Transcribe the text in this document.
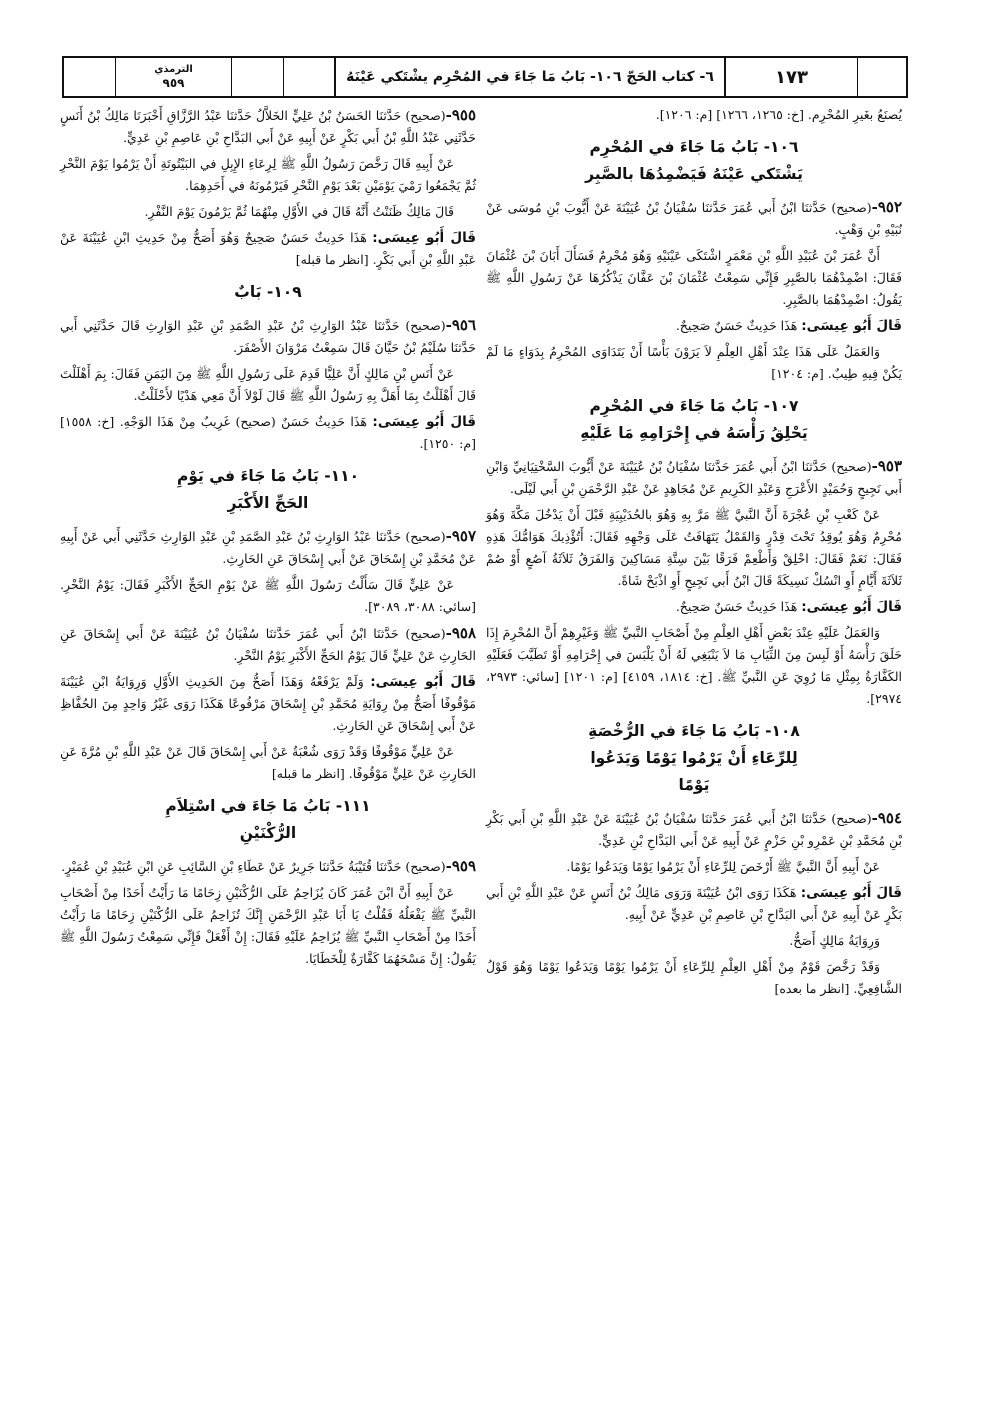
الترمذي
٩٥٩	٦- كتاب الحَجّ ١٠٦- بَابُ مَا جَاءَ في المُحْرِم يشْتَكي عَيْنَهُ	١٧٣

يُصنَعُ بغَيرِ المُحْرِم. [خ: ١٢٦٥، ١٢٦٦] [م: ١٢٠٦].

١٠٦- بَابُ مَا جَاءَ في المُحْرِم
يَشْتَكي عَيْنَهُ فَيَضْمِدُهَا بالصَّبِر

٩٥٢-(صحيح) حَدَّثنَا ابْنُ أَبي عُمَرَ حَدَّثنَا سُفْيَانُ بْنُ عُيَيْنَةَ عَنْ أَيُّوبَ بْنِ مُوسَى عَنْ نُبَيْهِ بْنِ وَهْبٍ.

أَنَّ عُمَرَ بْنَ عُبَيْدِ اللَّهِ بْنِ مَعْمَرٍ اشْتَكَى عَيْنَيْهِ وَهُوَ مُحْرِمٌ فَسَأَلَ أَبَانَ بْنَ عُثْمَانَ فَقَالَ: اضْمِدْهُمَا بالصَّبِرِ فَإِنِّي سَمِعْتُ عُثْمَانَ بْنَ عَفَّانَ يَذْكُرُهَا عَنْ رَسُولِ اللَّهِ ﷺ يَقُولُ: اضْمِدْهُمَا بالصَّبِرِ.

قَالَ أَبُو عِيسَى: هَذَا حَدِيثٌ حَسَنٌ صَحِيحٌ.

وَالعَمَلُ عَلَى هَذَا عِنْدَ أَهْلِ العِلْمِ لاَ يَرَوْنَ بَأْسًا أَنْ يَتَدَاوَى المُحْرِمُ بِدَوَاءٍ مَا لَمْ يَكُنْ فِيهِ طِيبٌ. [م: ١٢٠٤]

١٠٧- بَابُ مَا جَاءَ في المُحْرِم
يَحْلِقُ رَأْسَهُ في إِحْرَامِهِ مَا عَلَيْهِ

٩٥٣-(صحيح) حَدَّثنَا ابْنُ أَبي عُمَرَ حَدَّثنَا سُفْيَانُ بْنُ عُيَيْنَةَ عَنْ أَيُّوبَ السَّخْتِيَانِيِّ وَابْنِ أَبي نَجِيحٍ وَحُمَيْدٍ الأَعْرَجِ وَعَبْدِ الكَرِيمِ عَنْ مُجَاهِدٍ عَنْ عَبْدِ الرَّحْمَنِ بْنِ أَبي لَيْلَى.

عَنْ كَعْبِ بْنِ عُجْرَةَ أَنَّ النَّبيَّ ﷺ مَرَّ بِهِ وَهُوَ بالحُدَيْبِيَةِ قَبْلَ أَنْ يَدْخُلَ مَكَّةَ وَهُوَ مُحْرِمٌ وَهُوَ يُوقِدُ تَحْتَ قِدْرٍ وَالقَمْلُ يَتَهَافَتُ عَلَى وَجْهِهِ فَقَالَ: أَتُؤْذِيكَ هَوَامُّكَ هَذِهِ فَقَالَ: نَعَمْ فَقَالَ: احْلِقْ وَأَطْعِمْ فَرَقًا بَيْنَ سِتَّةِ مَسَاكِينَ وَالفَرَقُ ثَلاَثَةُ آصُعٍ أَوْ صُمْ ثَلاَثَةَ أَيَّامٍ أَوِ انْسُكْ نَسِيكَةً قَالَ ابْنُ أَبي نَجِيحٍ أَوِ اذْبَحْ شَاةً.

قَالَ أَبُو عِيسَى: هَذَا حَدِيثٌ حَسَنٌ صَحِيحٌ.

وَالعَمَلُ عَلَيْهِ عِنْدَ بَعْضِ أَهْلِ العِلْمِ مِنْ أَصْحَابِ النَّبيِّ ﷺ وَغَيْرِهِمْ أَنَّ المُحْرِمَ إِذَا حَلَقَ رَأْسَهُ أَوْ لَبِسَ مِنَ الثِّيَابِ مَا لاَ يَنْبَغِي لَهُ أَنْ يَلْبَسَ في إِحْرَامِهِ أَوْ تَطَيَّبَ فَعَلَيْهِ الكَفَّارَةُ بِمِثْلِ مَا رُوِيَ عَنِ النَّبيِّ ﷺ. [خ: ١٨١٤، ٤١٥٩] [م: ١٢٠١] [سائي: ٢٩٧٣، ٢٩٧٤].

١٠٨- بَابُ مَا جَاءَ في الرُّخْصَةِ
لِلرِّعَاءِ أَنْ يَرْمُوا يَوْمًا وَيَدَعُوا
يَوْمًا

٩٥٤-(صحيح) حَدَّثنَا ابْنُ أَبي عُمَرَ حَدَّثنَا سُفْيَانُ بْنُ عُيَيْنَةَ عَنْ عَبْدِ اللَّهِ بْنِ أَبي بَكْرِ بْنِ مُحَمَّدِ بْنِ عَمْرِو بْنِ حَزْمٍ عَنْ أَبِيهِ عَنْ أَبي البَدَّاحِ بْنِ عَدِيٍّ.

عَنْ أَبِيهِ أَنَّ النَّبيَّ ﷺ أَرْخَصَ لِلرِّعَاءِ أَنْ يَرْمُوا يَوْمًا وَيَدَعُوا يَوْمًا.

قَالَ أَبُو عِيسَى: هَكَذَا رَوَى ابْنُ عُيَيْنَةَ وَرَوَى مَالِكُ بْنُ أَنَسٍ عَنْ عَبْدِ اللَّهِ بْنِ أَبي بَكْرٍ عَنْ أَبِيهِ عَنْ أَبي البَدَّاحِ بْنِ عَاصِمِ بْنِ عَدِيٍّ عَنْ أَبِيهِ.

وَرِوَايَةُ مَالِكٍ أَصَحُّ.

وَقَدْ رَخَّصَ قَوْمٌ مِنْ أَهْلِ العِلْمِ لِلرِّعَاءِ أَنْ يَرْمُوا يَوْمًا وَيَدَعُوا يَوْمًا وَهُوَ قَوْلُ الشَّافِعِيِّ. [انظر ما بعده]

٩٥٥-(صحيح) حَدَّثنَا الحَسَنُ بْنُ عَلِيٍّ الخَلاَّلُ حَدَّثنَا عَبْدُ الرَّزَّاقِ أَخْبَرَنَا مَالِكُ بْنُ أَنَسٍ حَدَّثَنِي عَبْدُ اللَّهِ بْنُ أَبي بَكْرٍ عَنْ أَبِيهِ عَنْ أَبي البَدَّاحِ بْنِ عَاصِمِ بْنِ عَدِيٍّ.

عَنْ أَبِيهِ قَالَ رَخَّصَ رَسُولُ اللَّهِ ﷺ لِرِعَاءِ الإِبِلِ في البَيْتُوتَةِ أَنْ يَرْمُوا يَوْمَ النَّحْرِ ثُمَّ يَجْمَعُوا رَمْيَ يَوْمَيْنِ بَعْدَ يَوْمِ النَّحْرِ فَيَرْمُونَهُ في أَحَدِهِمَا.

قَالَ مَالِكٌ ظَنَنْتُ أَنَّهُ قَالَ في الأَوَّلِ مِنْهُمَا ثُمَّ يَرْمُونَ يَوْمَ النَّفْرِ.

قَالَ أَبُو عِيسَى: هَذَا حَدِيثٌ حَسَنٌ صَحِيحٌ وَهُوَ أَصَحُّ مِنْ حَدِيثِ ابْنِ عُيَيْنَةَ عَنْ عَبْدِ اللَّهِ بْنِ أَبي بَكْرٍ. [انظر ما قبله]

١٠٩- بَابٌ

٩٥٦-(صحيح) حَدَّثنَا عَبْدُ الوَارِثِ بْنُ عَبْدِ الصَّمَدِ بْنِ عَبْدِ الوَارِثِ قَالَ حَدَّثَنِي أَبي حَدَّثنَا سُلَيْمُ بْنُ حَيَّانَ قَالَ سَمِعْتُ مَرْوَانَ الأَصْفَرَ.

عَنْ أَنَسِ بْنِ مَالِكٍ أَنَّ عَلِيًّا قَدِمَ عَلَى رَسُولِ اللَّهِ ﷺ مِنَ اليَمَنِ فَقَالَ: بِمَ أَهْلَلْتَ قَالَ أَهْلَلْتُ بِمَا أَهَلَّ بِهِ رَسُولُ اللَّهِ ﷺ قَالَ لَوْلاَ أَنَّ مَعِي هَدْيًا لأَحْلَلْتُ.

قَالَ أَبُو عِيسَى: هَذَا حَدِيثٌ حَسَنٌ (صحيح) غَرِيبٌ مِنْ هَذَا الوَجْهِ. [خ: ١٥٥٨] [م: ١٢٥٠].

١١٠- بَابُ مَا جَاءَ في يَوْمِ
الحَجِّ الأَكْبَرِ

٩٥٧-(صحيح) حَدَّثنَا عَبْدُ الوَارِثِ بْنُ عَبْدِ الصَّمَدِ بْنِ عَبْدِ الوَارِثِ حَدَّثَنِي أَبي عَنْ أَبِيهِ عَنْ مُحَمَّدِ بْنِ إِسْحَاقَ عَنْ أَبي إِسْحَاقَ عَنِ الحَارِثِ.

عَنْ عَلِيٍّ قَالَ سَأَلْتُ رَسُولَ اللَّهِ ﷺ عَنْ يَوْمِ الحَجِّ الأَكْبَرِ فَقَالَ: يَوْمُ النَّحْرِ. [سائي: ٣٠٨٨، ٣٠٨٩].

٩٥٨-(صحيح) حَدَّثنَا ابْنُ أَبي عُمَرَ حَدَّثنَا سُفْيَانُ بْنُ عُيَيْنَةَ عَنْ أَبي إِسْحَاقَ عَنِ الحَارِثِ عَنْ عَلِيٍّ قَالَ يَوْمُ الحَجِّ الأَكْبَرِ يَوْمُ النَّحْرِ.

قَالَ أَبُو عِيسَى: وَلَمْ يَرْفَعْهُ وَهَذَا أَصَحُّ مِنَ الحَدِيثِ الأَوَّلِ وَرِوَايَةُ ابْنِ عُيَيْنَةَ مَوْقُوفًا أَصَحُّ مِنْ رِوَايَةِ مُحَمَّدِ بْنِ إِسْحَاقَ مَرْفُوعًا هَكَذَا رَوَى غَيْرُ وَاحِدٍ مِنَ الحُفَّاظِ عَنْ أَبي إِسْحَاقَ عَنِ الحَارِثِ.

عَنْ عَلِيٍّ مَوْقُوفًا وَقَدْ رَوَى شُعْبَةُ عَنْ أَبي إِسْحَاقَ قَالَ عَنْ عَبْدِ اللَّهِ بْنِ مُرَّةَ عَنِ الحَارِثِ عَنْ عَلِيٍّ مَوْقُوفًا. [انظر ما قبله]

١١١- بَابُ مَا جَاءَ في اسْتِلاَمِ
الرُّكْنَيْنِ

٩٥٩-(صحيح) حَدَّثنَا قُتَيْبَةُ حَدَّثنَا جَرِيرٌ عَنْ عَطَاءِ بْنِ السَّائِبِ عَنِ ابْنِ عُبَيْدِ بْنِ عُمَيْرٍ.

عَنْ أَبِيهِ أَنَّ ابْنَ عُمَرَ كَانَ يُزَاحِمُ عَلَى الرُّكْنَيْنِ زِحَامًا مَا رَأَيْتُ أَحَدًا مِنْ أَصْحَابِ النَّبيِّ ﷺ يَفْعَلُهُ فَقُلْتُ يَا أَبَا عَبْدِ الرَّحْمَنِ إِنَّكَ تُزَاحِمُ عَلَى الرُّكْنَيْنِ زِحَامًا مَا رَأَيْتُ أَحَدًا مِنْ أَصْحَابِ النَّبيِّ ﷺ يُزَاحِمُ عَلَيْهِ فَقَالَ: إِنْ أَفْعَلْ فَإِنِّي سَمِعْتُ رَسُولَ اللَّهِ ﷺ يَقُولُ: إِنَّ مَسْحَهُمَا كَفَّارَةٌ لِلْخَطَايَا.
